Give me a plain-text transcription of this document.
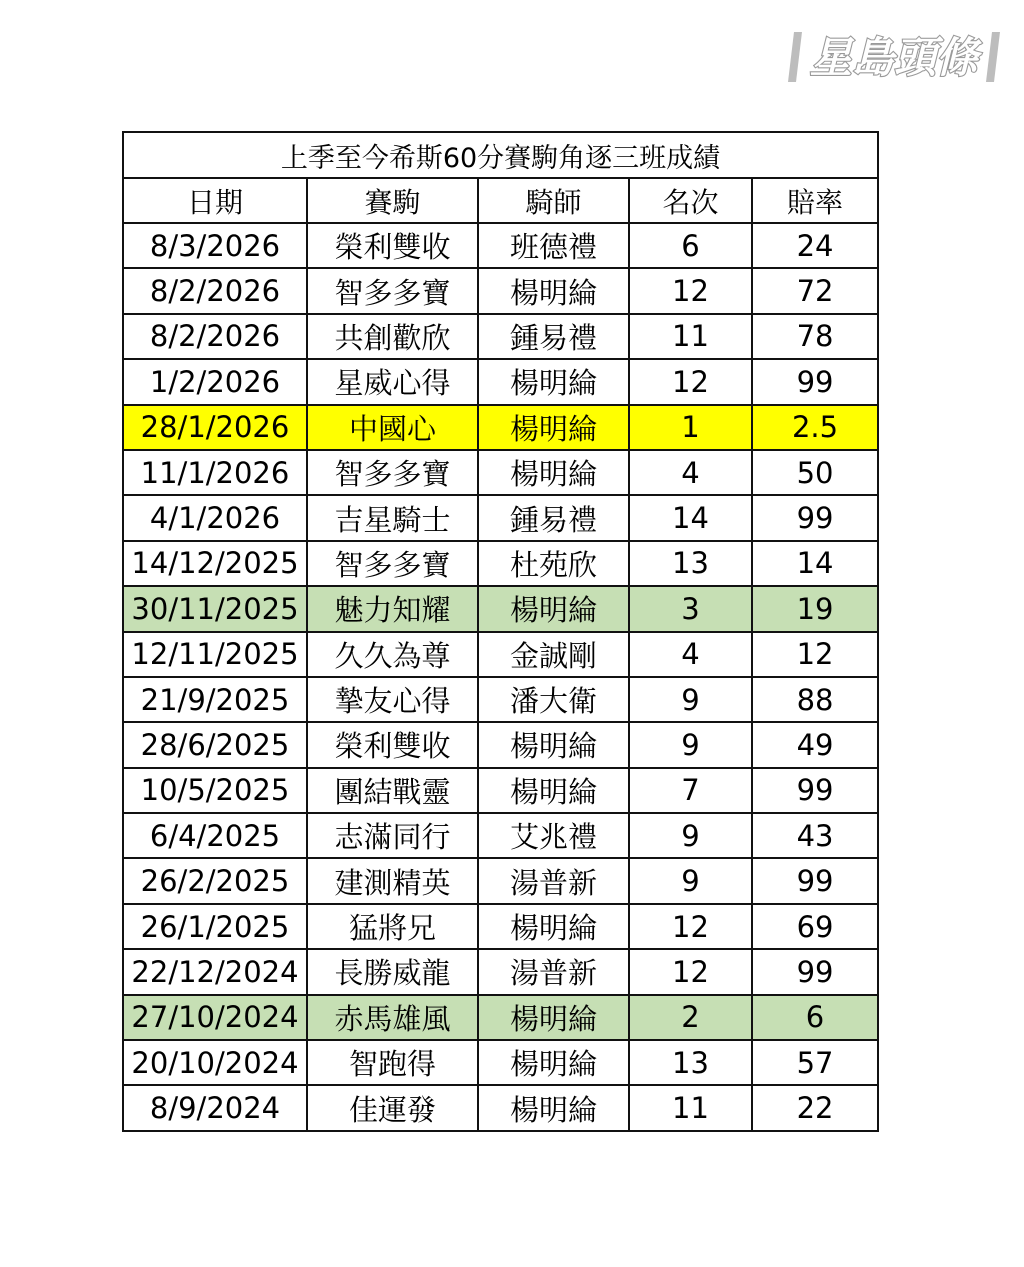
星島頭條
上季至今希斯60分賽駒角逐三班成績				
日期	賽駒	騎師	名次	賠率
8/3/2026	榮利雙收	班德禮	6	24
8/2/2026	智多多寶	楊明綸	12	72
8/2/2026	共創歡欣	鍾易禮	11	78
1/2/2026	星威心得	楊明綸	12	99
28/1/2026	中國心	楊明綸	1	2.5
11/1/2026	智多多寶	楊明綸	4	50
4/1/2026	吉星騎士	鍾易禮	14	99
14/12/2025	智多多寶	杜苑欣	13	14
30/11/2025	魅力知耀	楊明綸	3	19
12/11/2025	久久為尊	金誠剛	4	12
21/9/2025	摯友心得	潘大衛	9	88
28/6/2025	榮利雙收	楊明綸	9	49
10/5/2025	團結戰靈	楊明綸	7	99
6/4/2025	志滿同行	艾兆禮	9	43
26/2/2025	建測精英	湯普新	9	99
26/1/2025	猛將兄	楊明綸	12	69
22/12/2024	長勝威龍	湯普新	12	99
27/10/2024	赤馬雄風	楊明綸	2	6
20/10/2024	智跑得	楊明綸	13	57
8/9/2024	佳運發	楊明綸	11	22
